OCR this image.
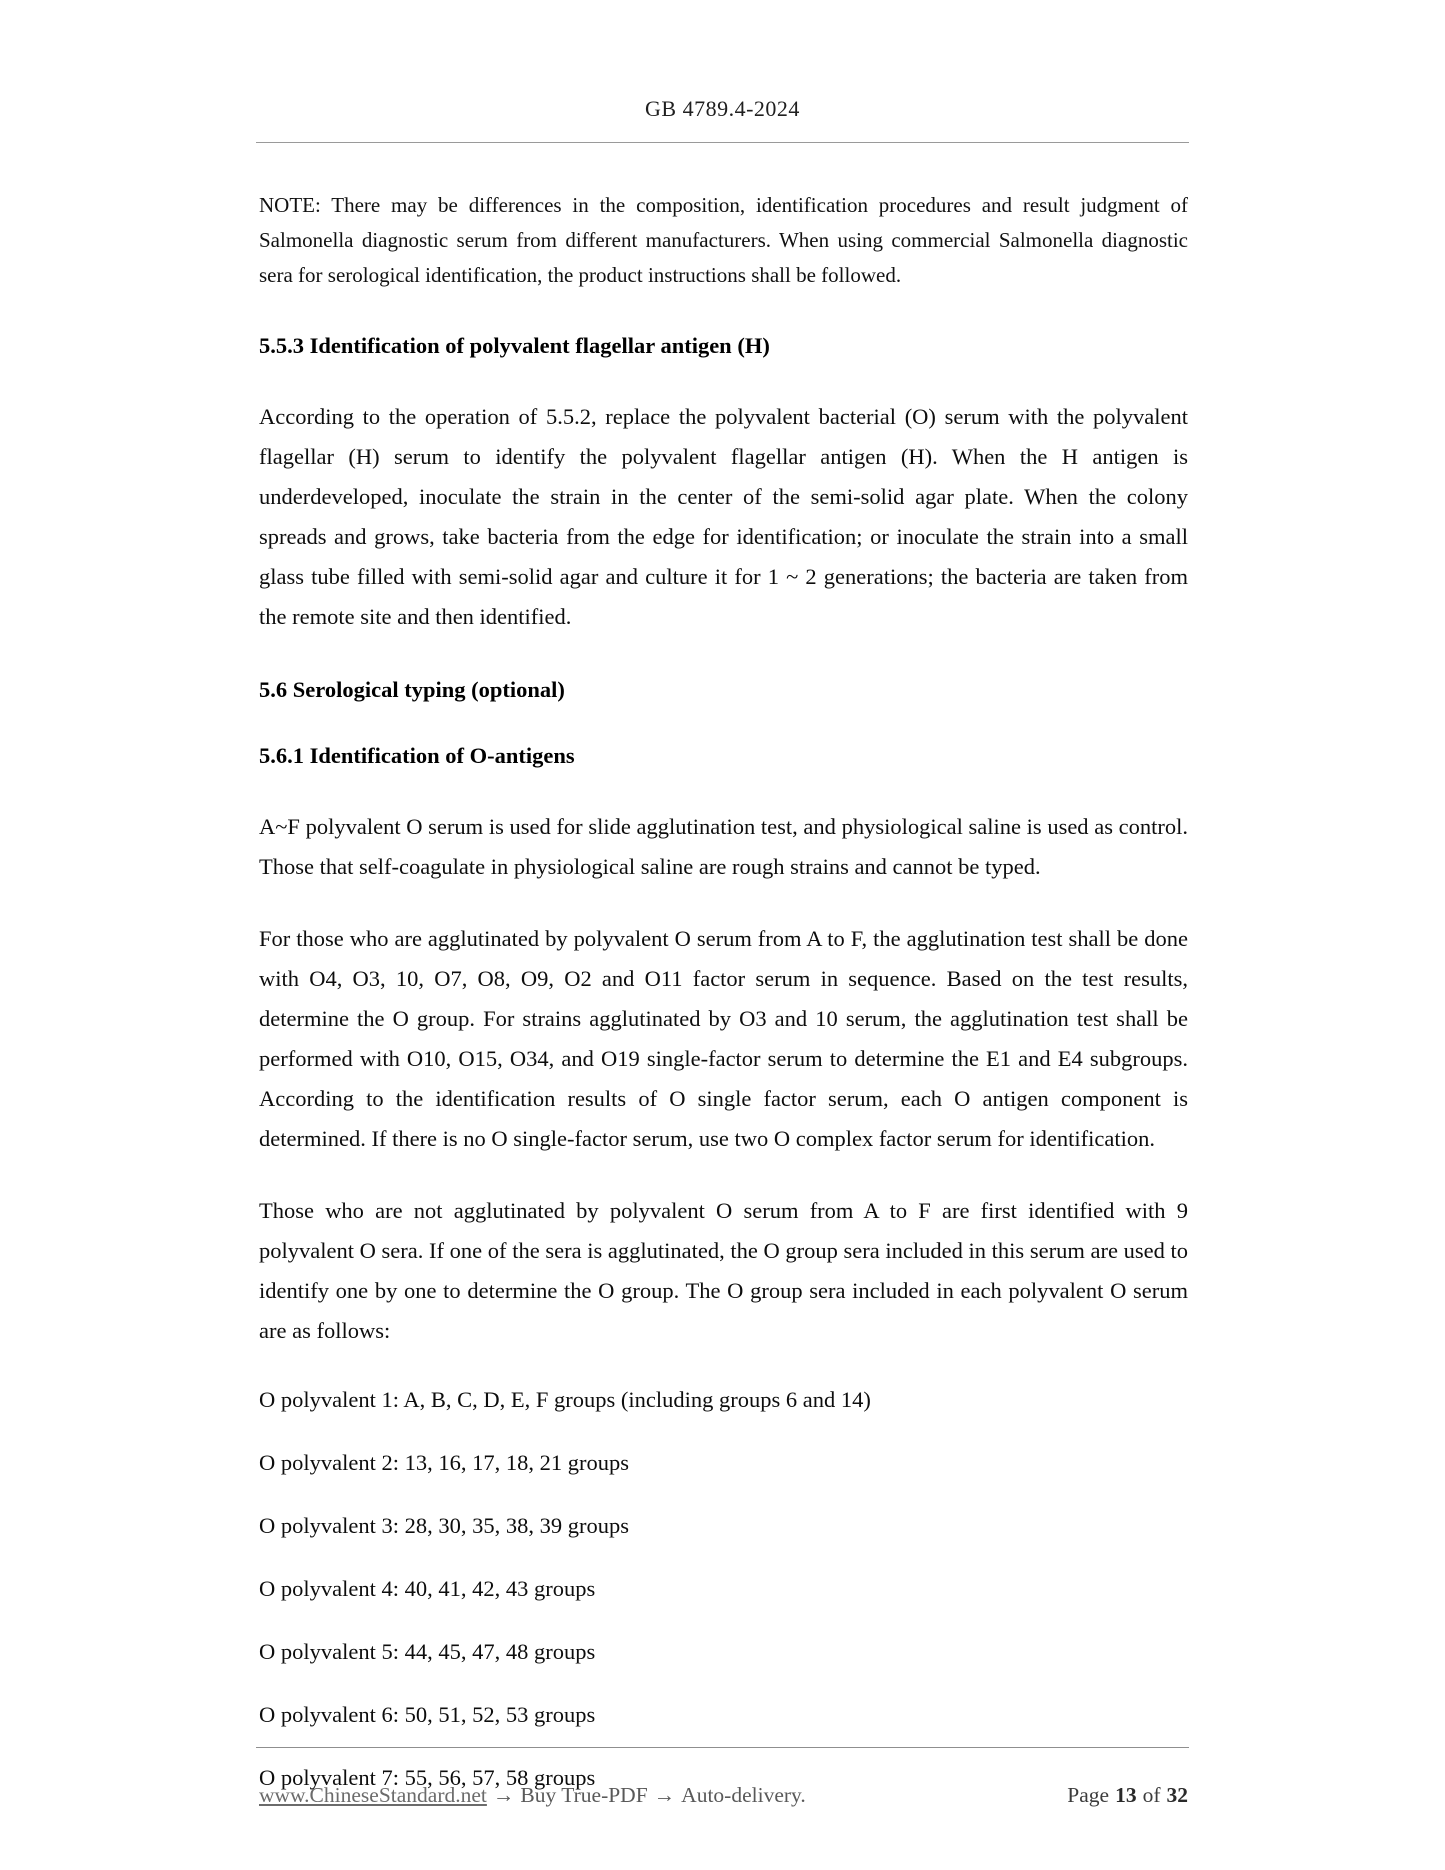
GB 4789.4-2024

NOTE: There may be differences in the composition, identification procedures and result judgment of Salmonella diagnostic serum from different manufacturers. When using commercial Salmonella diagnostic sera for serological identification, the product instructions shall be followed.

5.5.3 Identification of polyvalent flagellar antigen (H)

According to the operation of 5.5.2, replace the polyvalent bacterial (O) serum with the polyvalent flagellar (H) serum to identify the polyvalent flagellar antigen (H). When the H antigen is underdeveloped, inoculate the strain in the center of the semi-solid agar plate. When the colony spreads and grows, take bacteria from the edge for identification; or inoculate the strain into a small glass tube filled with semi-solid agar and culture it for 1 ~ 2 generations; the bacteria are taken from the remote site and then identified.

5.6 Serological typing (optional)
5.6.1 Identification of O-antigens

A~F polyvalent O serum is used for slide agglutination test, and physiological saline is used as control. Those that self-coagulate in physiological saline are rough strains and cannot be typed.

For those who are agglutinated by polyvalent O serum from A to F, the agglutination test shall be done with O4, O3, 10, O7, O8, O9, O2 and O11 factor serum in sequence. Based on the test results, determine the O group. For strains agglutinated by O3 and 10 serum, the agglutination test shall be performed with O10, O15, O34, and O19 single-factor serum to determine the E1 and E4 subgroups. According to the identification results of O single factor serum, each O antigen component is determined. If there is no O single-factor serum, use two O complex factor serum for identification.

Those who are not agglutinated by polyvalent O serum from A to F are first identified with 9 polyvalent O sera. If one of the sera is agglutinated, the O group sera included in this serum are used to identify one by one to determine the O group. The O group sera included in each polyvalent O serum are as follows:

O polyvalent 1: A, B, C, D, E, F groups (including groups 6 and 14)

O polyvalent 2: 13, 16, 17, 18, 21 groups

O polyvalent 3: 28, 30, 35, 38, 39 groups

O polyvalent 4: 40, 41, 42, 43 groups

O polyvalent 5: 44, 45, 47, 48 groups

O polyvalent 6: 50, 51, 52, 53 groups

O polyvalent 7: 55, 56, 57, 58 groups

www.ChineseStandard.net → Buy True-PDF → Auto-delivery.	Page 13 of 32
